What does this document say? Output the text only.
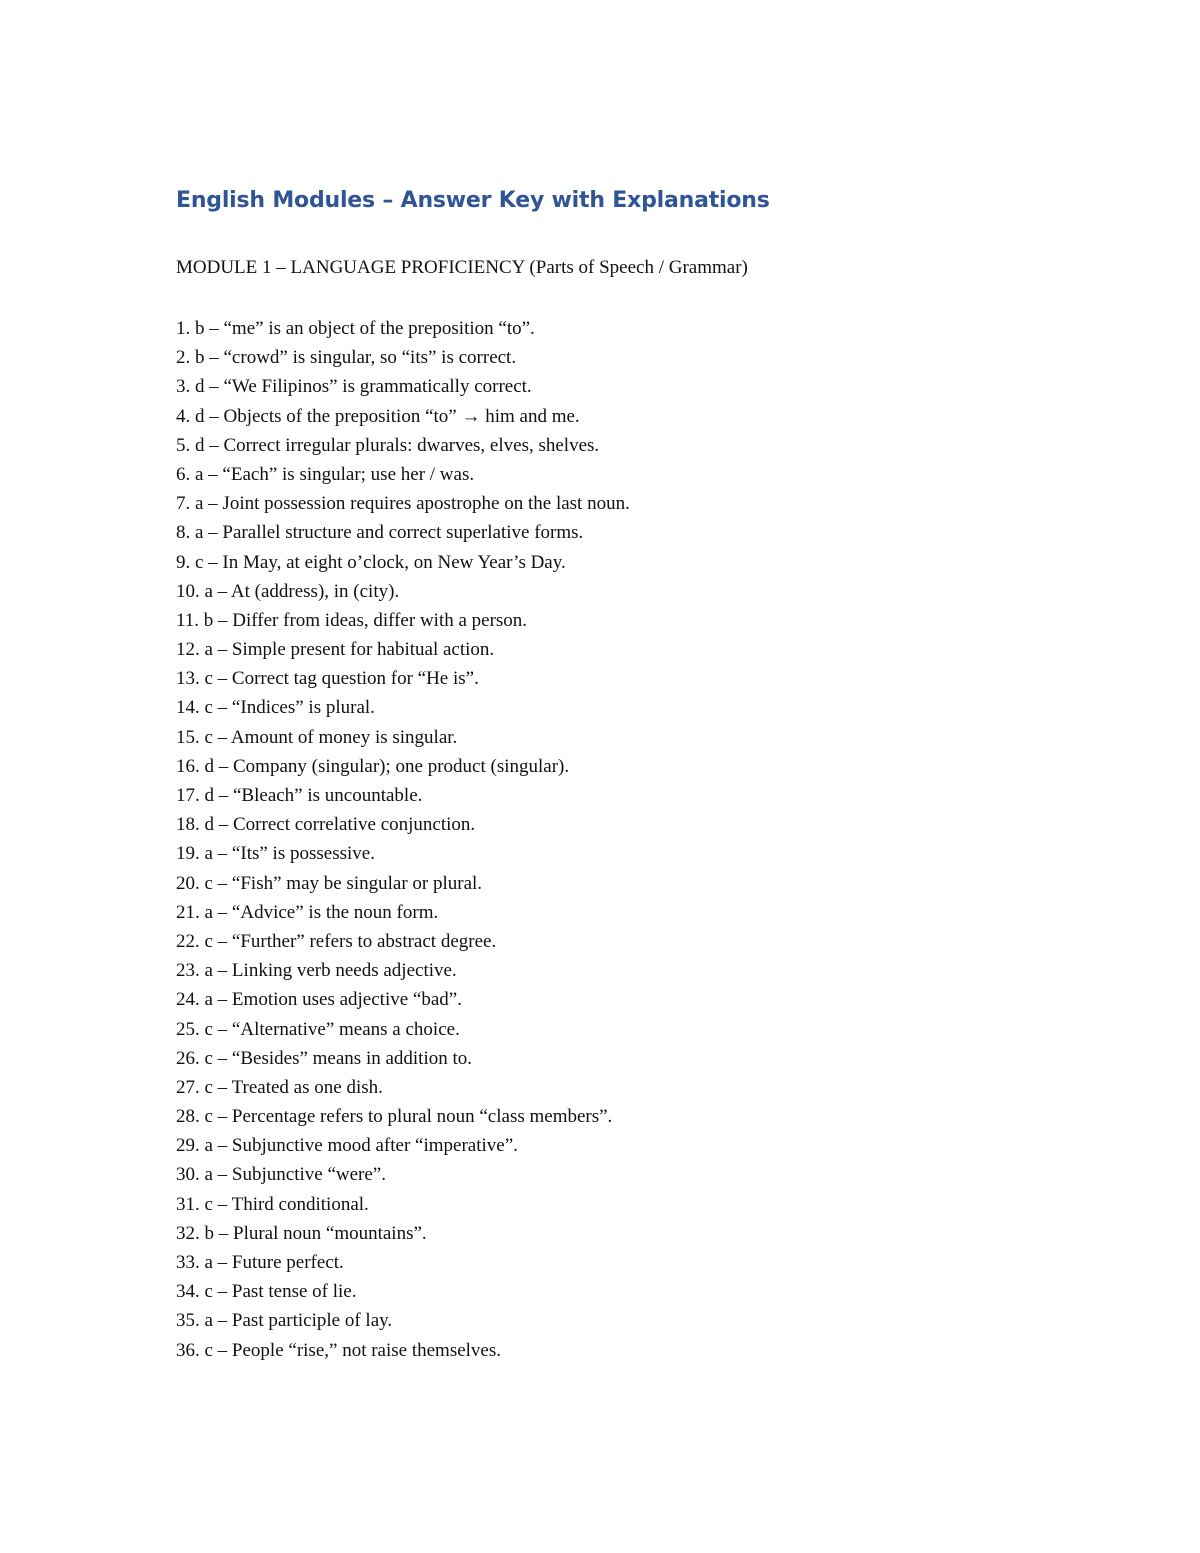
English Modules – Answer Key with Explanations
MODULE 1 – LANGUAGE PROFICIENCY (Parts of Speech / Grammar)
1. b – “me” is an object of the preposition “to”.
2. b – “crowd” is singular, so “its” is correct.
3. d – “We Filipinos” is grammatically correct.
4. d – Objects of the preposition “to” → him and me.
5. d – Correct irregular plurals: dwarves, elves, shelves.
6. a – “Each” is singular; use her / was.
7. a – Joint possession requires apostrophe on the last noun.
8. a – Parallel structure and correct superlative forms.
9. c – In May, at eight o’clock, on New Year’s Day.
10. a – At (address), in (city).
11. b – Differ from ideas, differ with a person.
12. a – Simple present for habitual action.
13. c – Correct tag question for “He is”.
14. c – “Indices” is plural.
15. c – Amount of money is singular.
16. d – Company (singular); one product (singular).
17. d – “Bleach” is uncountable.
18. d – Correct correlative conjunction.
19. a – “Its” is possessive.
20. c – “Fish” may be singular or plural.
21. a – “Advice” is the noun form.
22. c – “Further” refers to abstract degree.
23. a – Linking verb needs adjective.
24. a – Emotion uses adjective “bad”.
25. c – “Alternative” means a choice.
26. c – “Besides” means in addition to.
27. c – Treated as one dish.
28. c – Percentage refers to plural noun “class members”.
29. a – Subjunctive mood after “imperative”.
30. a – Subjunctive “were”.
31. c – Third conditional.
32. b – Plural noun “mountains”.
33. a – Future perfect.
34. c – Past tense of lie.
35. a – Past participle of lay.
36. c – People “rise,” not raise themselves.
